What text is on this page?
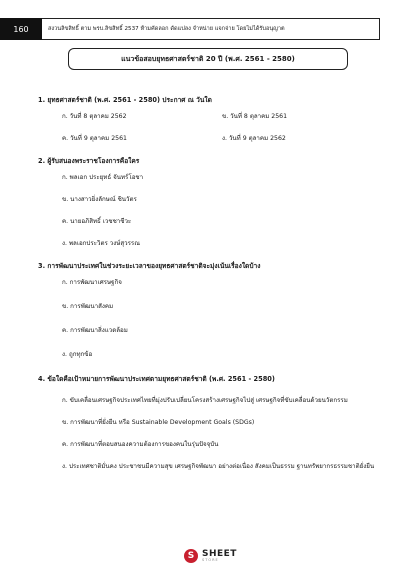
160	สงวนลิขสิทธิ์ ตาม พรบ.ลิขสิทธิ์ 2537 ห้ามคัดลอก ดัดแปลง จำหน่าย แจกจ่าย โดยไม่ได้รับอนุญาต
แนวข้อสอบยุทธศาสตร์ชาติ 20 ปี (พ.ศ. 2561 - 2580)
1. ยุทธศาสตร์ชาติ (พ.ศ. 2561 - 2580) ประกาศ ณ วันใด
ก. วันที่ 8 ตุลาคม 2562	ข. วันที่ 8 ตุลาคม 2561
ค. วันที่ 9 ตุลาคม 2561	ง. วันที่ 9 ตุลาคม 2562
2. ผู้รับสนองพระราชโองการคือใคร
ก. พลเอก ประยุทธ์ จันทร์โอชา
ข. นางสาวยิ่งลักษณ์ ชินวัตร
ค. นายอภิสิทธิ์ เวชชาชีวะ
ง. พลเอกประวิตร วงษ์สุวรรณ
3. การพัฒนาประเทศในช่วงระยะเวลาของยุทธศาสตร์ชาติจะมุ่งเน้นเรื่องใดบ้าง
ก. การพัฒนาเศรษฐกิจ
ข. การพัฒนาสังคม
ค. การพัฒนาสิ่งแวดล้อม
ง. ถูกทุกข้อ
4. ข้อใดคือเป้าหมายการพัฒนาประเทศตามยุทธศาสตร์ชาติ (พ.ศ. 2561 - 2580)
ก. ขับเคลื่อนเศรษฐกิจประเทศไทยที่มุ่งปรับเปลี่ยนโครงสร้างเศรษฐกิจไปสู่ เศรษฐกิจที่ขับเคลื่อนด้วยนวัตกรรม
ข. การพัฒนาที่ยั่งยืน หรือ Sustainable Development Goals (SDGs)
ค. การพัฒนาที่ตอบสนองความต้องการของคนในรุ่นปัจจุบัน
ง. ประเทศชาติมั่นคง ประชาชนมีความสุข เศรษฐกิจพัฒนา อย่างต่อเนื่อง สังคมเป็นธรรม ฐานทรัพยากรธรรมชาติยั่งยืน
S SHEET
STORE
